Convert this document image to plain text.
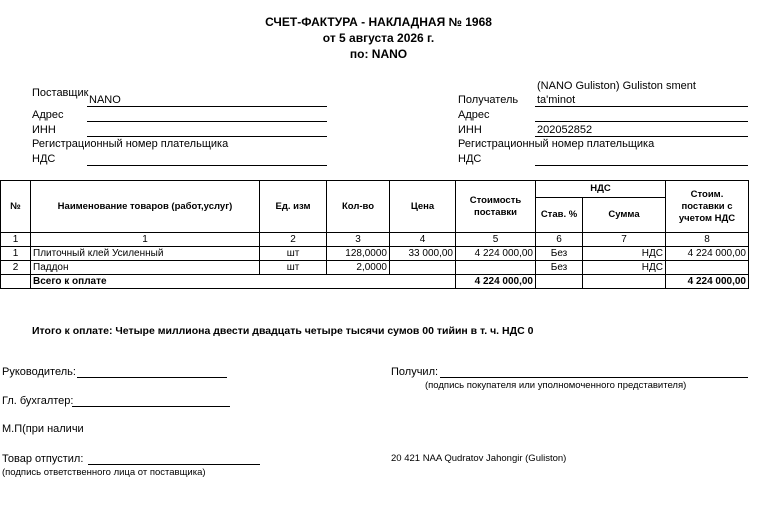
СЧЕТ-ФАКТУРА - НАКЛАДНАЯ № 1968
от 5 августа 2026 г.
по: NANO
Поставщик
NANO
Адрес
ИНН
Регистрационный номер плательщика
НДС
(NANO Guliston) Guliston sment
Получатель ta'minot
Адрес
ИНН	202052852
Регистрационный номер плательщика
НДС
№	Наименование товаров (работ,услуг)	Ед. изм	Кол-во	Цена	Стоимость поставки	НДС		Стоим. поставки с учетом НДС
						Став. %	Сумма	
1	1	2	3	4	5	6	7	8
1	Плиточный клей Усиленный	шт	128,0000	33 000,00	4 224 000,00	Без	НДС	4 224 000,00
2	Паддон	шт	2,0000			Без	НДС	
	Всего к оплате				4 224 000,00			4 224 000,00
Итого к оплате: Четыре миллиона двести двадцать четыре тысячи сумов 00 тийин в т. ч. НДС 0
Руководитель:
Гл. бухгалтер:
М.П(при наличи
Товар отпустил:
(подпись ответственного лица от поставщика)
Получил:
(подпись покупателя или уполномоченного представителя)
20 421 NAA Qudratov Jahongir (Guliston)
